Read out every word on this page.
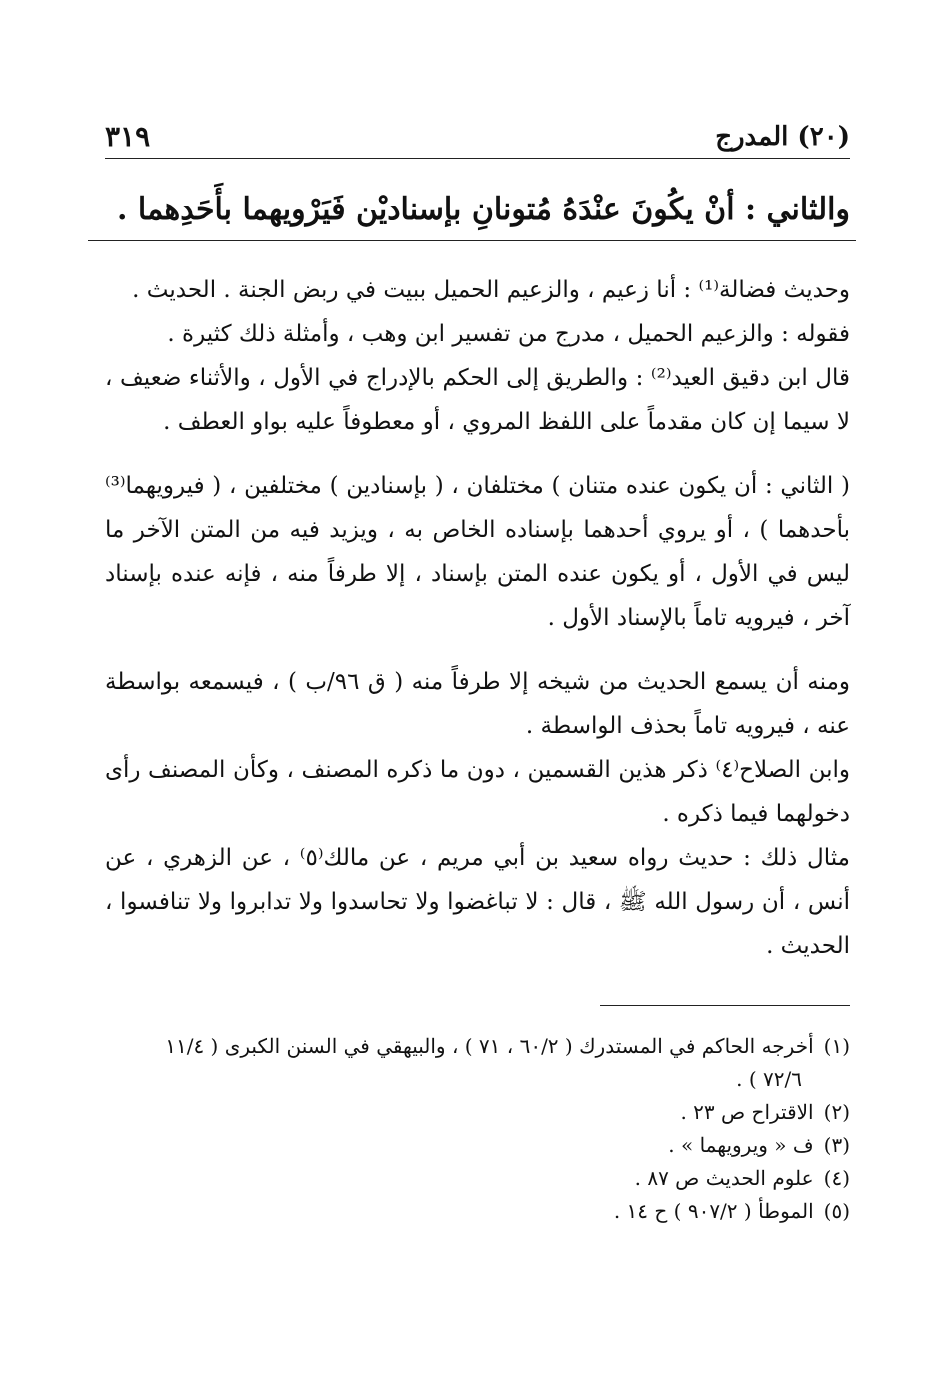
(٢٠) المدرج
٣١٩

والثاني : أنْ يكُونَ عنْدَهُ مُتونانِ بإسناديْن فَيَرْويهما بأَحَدِهما .

وحديث فضالة⁽¹⁾ : أنا زعيم ، والزعيم الحميل ببيت في ربض الجنة . الحديث .

فقوله : والزعيم الحميل ، مدرج من تفسير ابن وهب ، وأمثلة ذلك كثيرة .

قال ابن دقيق العيد⁽²⁾ : والطريق إلى الحكم بالإدراج في الأول ، والأثناء ضعيف ، لا سيما إن كان مقدماً على اللفظ المروي ، أو معطوفاً عليه بواو العطف .

( الثاني : أن يكون عنده متنان ) مختلفان ، ( بإسنادين ) مختلفين ، ( فيرويهما⁽³⁾ بأحدهما ) ، أو يروي أحدهما بإسناده الخاص به ، ويزيد فيه من المتن الآخر ما ليس في الأول ، أو يكون عنده المتن بإسناد ، إلا طرفاً منه ، فإنه عنده بإسناد آخر ، فيرويه تاماً بالإسناد الأول .

ومنه أن يسمع الحديث من شيخه إلا طرفاً منه ( ق ٩٦/ب ) ، فيسمعه بواسطة عنه ، فيرويه تاماً بحذف الواسطة .

وابن الصلاح⁽٤⁾ ذكر هذين القسمين ، دون ما ذكره المصنف ، وكأن المصنف رأى دخولهما فيما ذكره .

مثال ذلك : حديث رواه سعيد بن أبي مريم ، عن مالك⁽٥⁾ ، عن الزهري ، عن أنس ، أن رسول الله ﷺ ، قال : لا تباغضوا ولا تحاسدوا ولا تدابروا ولا تنافسوا ، الحديث .

(١)أخرجه الحاكم في المستدرك ( ٦٠/٢ ، ٧١ ) ، والبيهقي في السنن الكبرى ( ١١/٤

٧٢/٦ ) .

(٢)الاقتراح ص ٢٣ .

(٣)ف « ويرويهما » .

(٤)علوم الحديث ص ٨٧ .

(٥)الموطأ ( ٩٠٧/٢ ) ح ١٤ .
